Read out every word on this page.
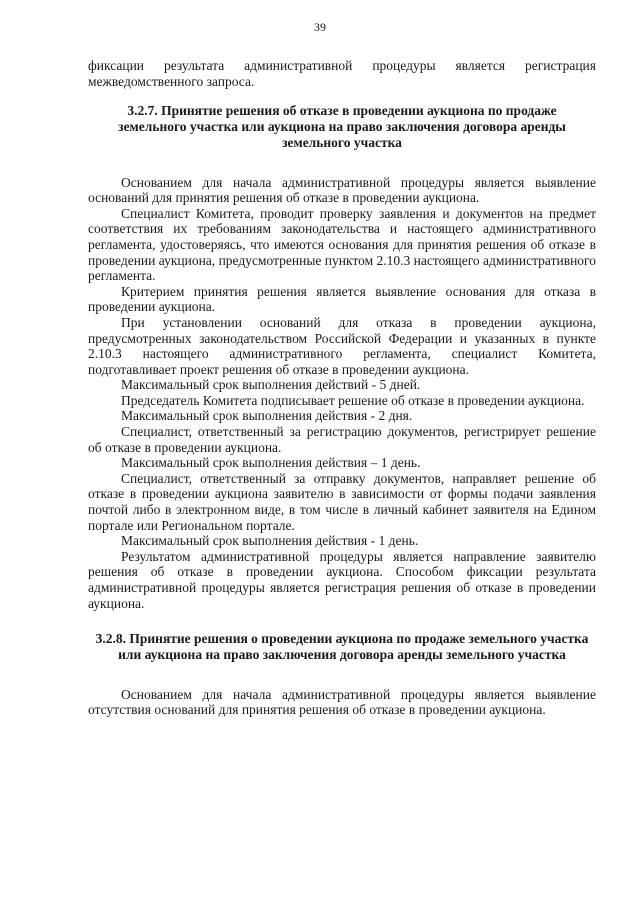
39

фиксации результата административной процедуры является регистрация межведомственного запроса.

3.2.7. Принятие решения об отказе в проведении аукциона по продаже земельного участка или аукциона на право заключения договора аренды земельного участка

Основанием для начала административной процедуры является выявление оснований для принятия решения об отказе в проведении аукциона.

Специалист Комитета, проводит проверку заявления и документов на предмет соответствия их требованиям законодательства и настоящего административного регламента, удостоверяясь, что имеются основания для принятия решения об отказе в проведении аукциона, предусмотренные пунктом 2.10.3 настоящего административного регламента.

Критерием принятия решения является выявление основания для отказа в проведении аукциона.

При установлении оснований для отказа в проведении аукциона, предусмотренных законодательством Российской Федерации и указанных в пункте 2.10.3 настоящего административного регламента, специалист Комитета, подготавливает проект решения об отказе в проведении аукциона.

Максимальный срок выполнения действий - 5 дней.

Председатель Комитета подписывает решение об отказе в проведении аукциона.

Максимальный срок выполнения действия - 2 дня.

Специалист, ответственный за регистрацию документов, регистрирует решение об отказе в проведении аукциона.

Максимальный срок выполнения действия – 1 день.

Специалист, ответственный за отправку документов, направляет решение об отказе в проведении аукциона заявителю в зависимости от формы подачи заявления почтой либо в электронном виде, в том числе в личный кабинет заявителя на Едином портале или Региональном портале.

Максимальный срок выполнения действия - 1 день.

Результатом административной процедуры является направление заявителю решения об отказе в проведении аукциона. Способом фиксации результата административной процедуры является регистрация решения об отказе в проведении аукциона.

3.2.8. Принятие решения о проведении аукциона по продаже земельного участка или аукциона на право заключения договора аренды земельного участка

Основанием для начала административной процедуры является выявление отсутствия оснований для принятия решения об отказе в проведении аукциона.
